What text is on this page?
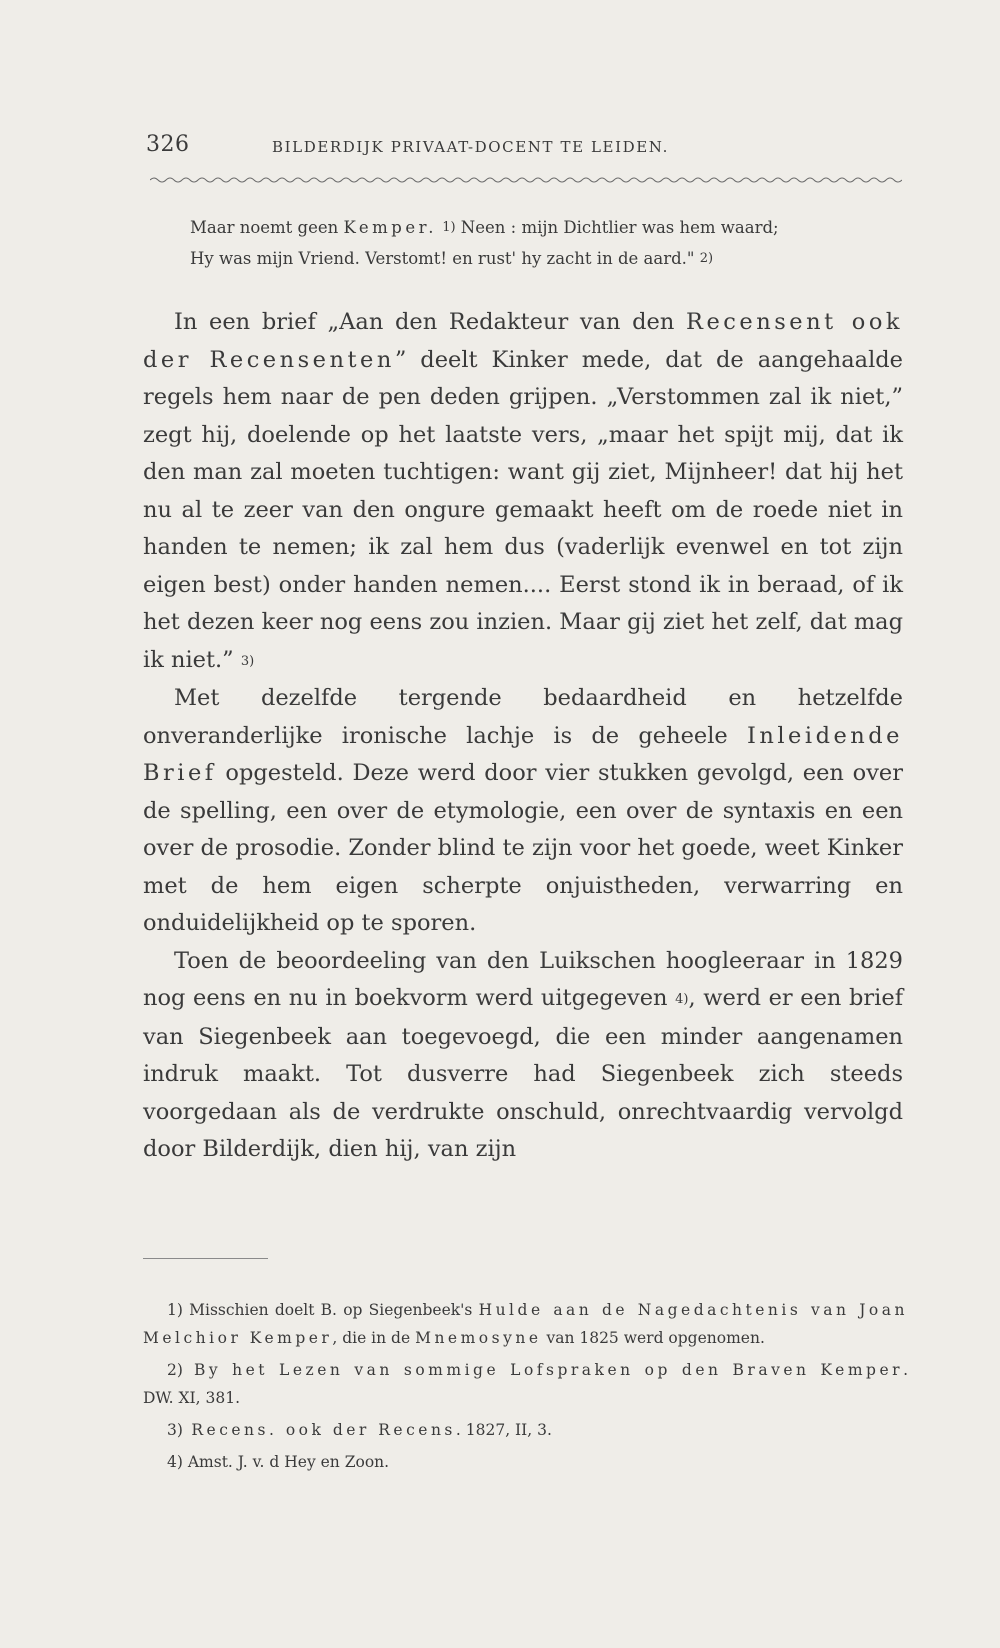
326	BILDERDIJK PRIVAAT-DOCENT TE LEIDEN.
Maar noemt geen Kemper. 1) Neen : mijn Dichtlier was hem waard;
Hy was mijn Vriend. Verstomt! en rust' hy zacht in de aard." 2)

In een brief „Aan den Redakteur van den Recensent ook der Recensenten” deelt Kinker mede, dat de aangehaalde regels hem naar de pen deden grijpen. „Verstommen zal ik niet,” zegt hij, doelende op het laatste vers, „maar het spijt mij, dat ik den man zal moeten tuchtigen: want gij ziet, Mijnheer! dat hij het nu al te zeer van den ongure gemaakt heeft om de roede niet in handen te nemen; ik zal hem dus (vaderlijk evenwel en tot zijn eigen best) onder handen nemen.... Eerst stond ik in beraad, of ik het dezen keer nog eens zou inzien. Maar gij ziet het zelf, dat mag ik niet.” 3)

Met dezelfde tergende bedaardheid en hetzelfde onveranderlijke ironische lachje is de geheele Inleidende Brief opgesteld. Deze werd door vier stukken gevolgd, een over de spelling, een over de etymologie, een over de syntaxis en een over de prosodie. Zonder blind te zijn voor het goede, weet Kinker met de hem eigen scherpte onjuistheden, verwarring en onduidelijkheid op te sporen.

Toen de beoordeeling van den Luikschen hoogleeraar in 1829 nog eens en nu in boekvorm werd uitgegeven 4), werd er een brief van Siegenbeek aan toegevoegd, die een minder aangenamen indruk maakt. Tot dusverre had Siegenbeek zich steeds voorgedaan als de verdrukte onschuld, onrechtvaardig vervolgd door Bilderdijk, dien hij, van zijn

1) Misschien doelt B. op Siegenbeek's Hulde aan de Nagedachtenis van Joan Melchior Kemper, die in de Mnemosyne van 1825 werd opgenomen.

2) By het Lezen van sommige Lofspraken op den Braven Kemper. DW. XI, 381.

3) Recens. ook der Recens. 1827, II, 3.

4) Amst. J. v. d Hey en Zoon.
